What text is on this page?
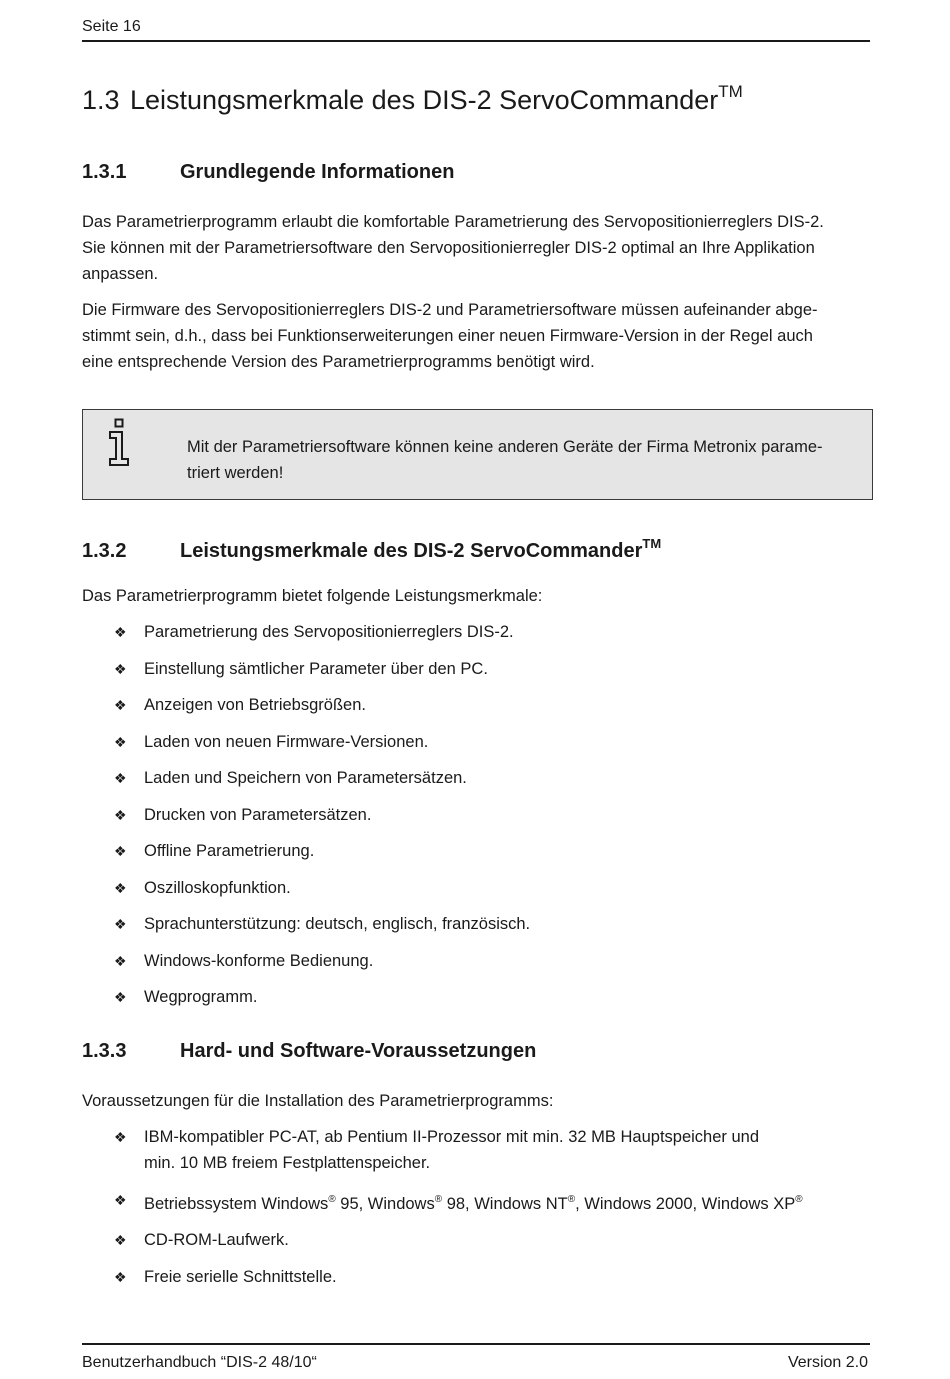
Seite 16
1.3 Leistungsmerkmale des DIS-2 ServoCommander™
1.3.1	Grundlegende Informationen
Das Parametrierprogramm erlaubt die komfortable Parametrierung des Servopositionierreglers DIS-2.
Sie können mit der Parametriersoftware den Servopositionierregler DIS-2 optimal an Ihre Applikation
anpassen.
Die Firmware des Servopositionierreglers DIS-2 und Parametriersoftware müssen aufeinander abge-
stimmt sein, d.h., dass bei Funktionserweiterungen einer neuen Firmware-Version in der Regel auch
eine entsprechende Version des Parametrierprogramms benötigt wird.
Mit der Parametriersoftware können keine anderen Geräte der Firma Metronix parame-
triert werden!
1.3.2	Leistungsmerkmale des DIS-2 ServoCommander™
Das Parametrierprogramm bietet folgende Leistungsmerkmale:
❖ Parametrierung des Servopositionierreglers DIS-2.
❖ Einstellung sämtlicher Parameter über den PC.
❖ Anzeigen von Betriebsgrößen.
❖ Laden von neuen Firmware-Versionen.
❖ Laden und Speichern von Parametersätzen.
❖ Drucken von Parametersätzen.
❖ Offline Parametrierung.
❖ Oszilloskopfunktion.
❖ Sprachunterstützung: deutsch, englisch, französisch.
❖ Windows-konforme Bedienung.
❖ Wegprogramm.
1.3.3	Hard- und Software-Voraussetzungen
Voraussetzungen für die Installation des Parametrierprogramms:
❖ IBM-kompatibler PC-AT, ab Pentium II-Prozessor mit min. 32 MB Hauptspeicher und
min. 10 MB freiem Festplattenspeicher.
❖ Betriebssystem Windows® 95, Windows® 98, Windows NT®, Windows 2000, Windows XP®
❖ CD-ROM-Laufwerk.
❖ Freie serielle Schnittstelle.
Benutzerhandbuch “DIS-2 48/10“	Version 2.0
